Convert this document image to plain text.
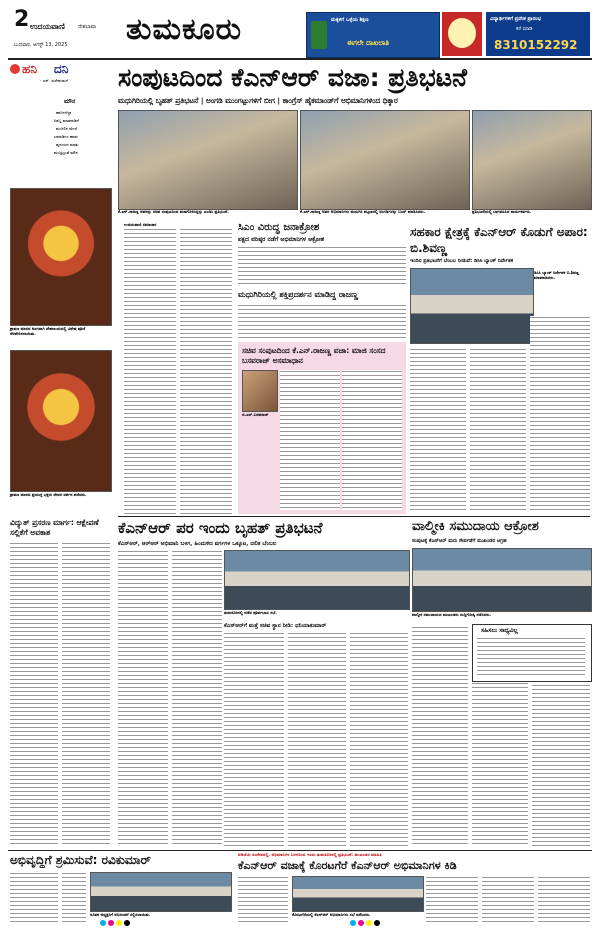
2 ಉದಯವಾಣಿ	ದೇಶಭಾಷಾ
ಬುಧವಾರ, ಆಗಸ್ಟ್ 13, 2025 ತುಮಕೂರು	ಮಕ್ಕಳಿಗೆ ಒಳ್ಳೆಯ ಶಿಕ್ಷಣ
ಈಗಲೇ ದಾಖಲಾತಿ
ವಿದ್ಯಾರ್ಥಿಗಳಿಗೆ ಪ್ರವೇಶ ಪ್ರಾರಂಭ
ಕರೆ ಮಾಡಿ
8310152292
ಹನಿ ದನಿ
- ಎಸ್. ಸುರೇಶಬಾಬ್
ಮೌನ
ಹಾದಿಗಳೆಲ್ಲಾ
ನಿಶಬ್ದ ಮಾತನಾಡಿದೆ
ಮುಗಿಲಿನ ಮೇಲೆ
ಬಾನಾಡಿಗಳ ಹಾಡು
ಹೃದಯದ ಮಾತು
ಮುಚ್ಚಿಟ್ಟಂತೆ ಮೌನ
ಶ್ರಾವಣ ಮಾಸದ ಅಂಗವಾಗಿ ದೇವಾಲಯದಲ್ಲಿ ವಿಶೇಷ ಪೂಜೆ ನೆರವೇರಿಸಲಾಯಿತು.
ಶ್ರಾವಣ ಮಾಸದ ಪ್ರಯುಕ್ತ ಭಕ್ತರು ದೇವರ ದರ್ಶನ ಪಡೆದರು.
ಸಂಪುಟದಿಂದ ಕೆಎನ್‌ಆರ್ ವಜಾ: ಪ್ರತಿಭಟನೆ
ಮಧುಗಿರಿಯಲ್ಲಿ ಬೃಹತ್ ಪ್ರತಿಭಟನೆ | ಅಂಗಡಿ ಮುಂಗಟ್ಟುಗಳಿಗೆ ಬೀಗ | ಕಾಂಗ್ರೆಸ್ ಹೈಕಮಾಂಡ್‌ಗೆ ಅಭಿಮಾನಿಗಳಿಂದ ಧಿಕ್ಕಾರ
ಕೆ.ಎನ್.ರಾಜಣ್ಣ ಅವರನ್ನು ಸಚಿವ ಸಂಪುಟದಿಂದ ವಜಾಗೊಳಿಸಿದ್ದನ್ನು ಖಂಡಿಸಿ ಪ್ರತಿಭಟನೆ.	ಕೆ.ಎನ್.ರಾಜಣ್ಣ ಅವರ ಅಭಿಮಾನಿಗಳು ಮಧುಗಿರಿ ಪಟ್ಟಣದಲ್ಲಿ ಅಂಗಡಿಗಳನ್ನು ಬಂದ್ ಮಾಡಿಸಿದರು.	ಪ್ರತಿಭಟನೆಯಲ್ಲಿ ಭಾಗವಹಿಸಿದ ಕಾರ್ಯಕರ್ತರು.
ಉದಯವಾಣಿ ಸಮಾಚಾರ	ಸಿಎಂ ವಿರುದ್ಧ ಜನಾಕ್ರೋಶ
ಪಕ್ಷದ ವರಿಷ್ಠರ ನಡೆಗೆ ಅಭಿಮಾನಿಗಳ ಆಕ್ರೋಶ
ಮಧುಗಿರಿಯಲ್ಲಿ ಶಕ್ತಿಪ್ರದರ್ಶನ ಮಾಡಿದ್ದ ರಾಜಣ್ಣ
ಸಹಕಾರ ಕ್ಷೇತ್ರಕ್ಕೆ ಕೆಎನ್‌ಆರ್ ಕೊಡುಗೆ ಅಪಾರ: ಬಿ.ಶಿವಣ್ಣ
ಇಂದಿನ ಪ್ರತಿಭಟನೆಗೆ ಬೆಂಬಲ ನೀಡುವೆ: ಡಿಸಿಸಿ ಬ್ಯಾಂಕ್ ನಿರ್ದೇಶಕ
ಡಿಸಿಸಿ ಬ್ಯಾಂಕ್ ನಿರ್ದೇಶಕ ಬಿ.ಶಿವಣ್ಣ ಮಾತನಾಡಿದರು.
ಸಚಿವ ಸಂಪುಟದಿಂದ ಕೆ.ಎನ್.ರಾಜಣ್ಣ ವಜಾ: ಮಾಜಿ ಸಂಸದ ಬಸವರಾಜ್ ಅಸಮಾಧಾನ
ಜಿ.ಎಸ್.ಬಸವರಾಜ್
ಕೆಎನ್‌ಆರ್ ಪರ ಇಂದು ಬೃಹತ್ ಪ್ರತಿಭಟನೆ
ಕೆಎನ್‌ಆರ್, ಆರ್‌ಆರ್ ಅಭಿಮಾನಿ ಬಳಗ, ಹಿಂದುಳಿದ ವರ್ಗಗಳ ಒಕ್ಕೂಟ, ದಲಿತ ಬೆಂಬಲ
ತುಮಕೂರಿನಲ್ಲಿ ನಡೆದ ಪೂರ್ವಭಾವಿ ಸಭೆ.
ಕೆಎನ್‌ಆರ್‌ಗೆ ಮತ್ತೆ ಸಚಿವ ಸ್ಥಾನ ನೀಡಿ: ಧನಿಯಾಕುಮಾರ್
ವಾಲ್ಮೀಕಿ ಸಮುದಾಯ ಆಕ್ರೋಶ
ಸಂಪುಟಕ್ಕೆ ಕೆಎನ್‌ಆರ್ ಮರು ಸೇರ್ಪಡೆಗೆ ಮುಖಂಡರ ಆಗ್ರಹ
ವಾಲ್ಮೀಕಿ ಸಮುದಾಯದ ಮುಖಂಡರು ಸುದ್ದಿಗೋಷ್ಠಿ ನಡೆಸಿದರು.
ಸಹಿಸಲು ಸಾಧ್ಯವಿಲ್ಲ
ವಿದ್ಯುತ್ ಪ್ರಸರಣ ಮಾರ್ಗ: ಆಕ್ಷೇಪಣೆ ಸಲ್ಲಿಕೆಗೆ ಅವಕಾಶ
ಅಭಿವೃದ್ಧಿಗೆ ಶ್ರಮಿಸುವೆ: ರವಿಕುಮಾರ್
ನೂತನ ಅಧ್ಯಕ್ಷರಿಗೆ ಅಭಿನಂದನೆ ಸಲ್ಲಿಸಲಾಯಿತು.
ಆಡಿಯೋ ಸಂದೇಶದಲ್ಲಿ, ಅಭಿಮಾನಿಗಳ ಬಳಗದಿಂದ ಇಂದು ತುಮಕೂರಿನಲ್ಲಿ ಪ್ರತಿಭಟನೆ: ಮುಖಂಡರ ಮಾಹಿತಿ
ಕೆಎನ್‌ಆರ್ ವಜಾಕ್ಕೆ ಕೊರಟಗೆರೆ ಕೆಎನ್‌ಆರ್ ಅಭಿಮಾನಿಗಳ ಕಿಡಿ
ಕೊರಟಗೆರೆಯಲ್ಲಿ ಕೆಎನ್‌ಆರ್ ಅಭಿಮಾನಿಗಳು ಸಭೆ ನಡೆಸಿದರು.
